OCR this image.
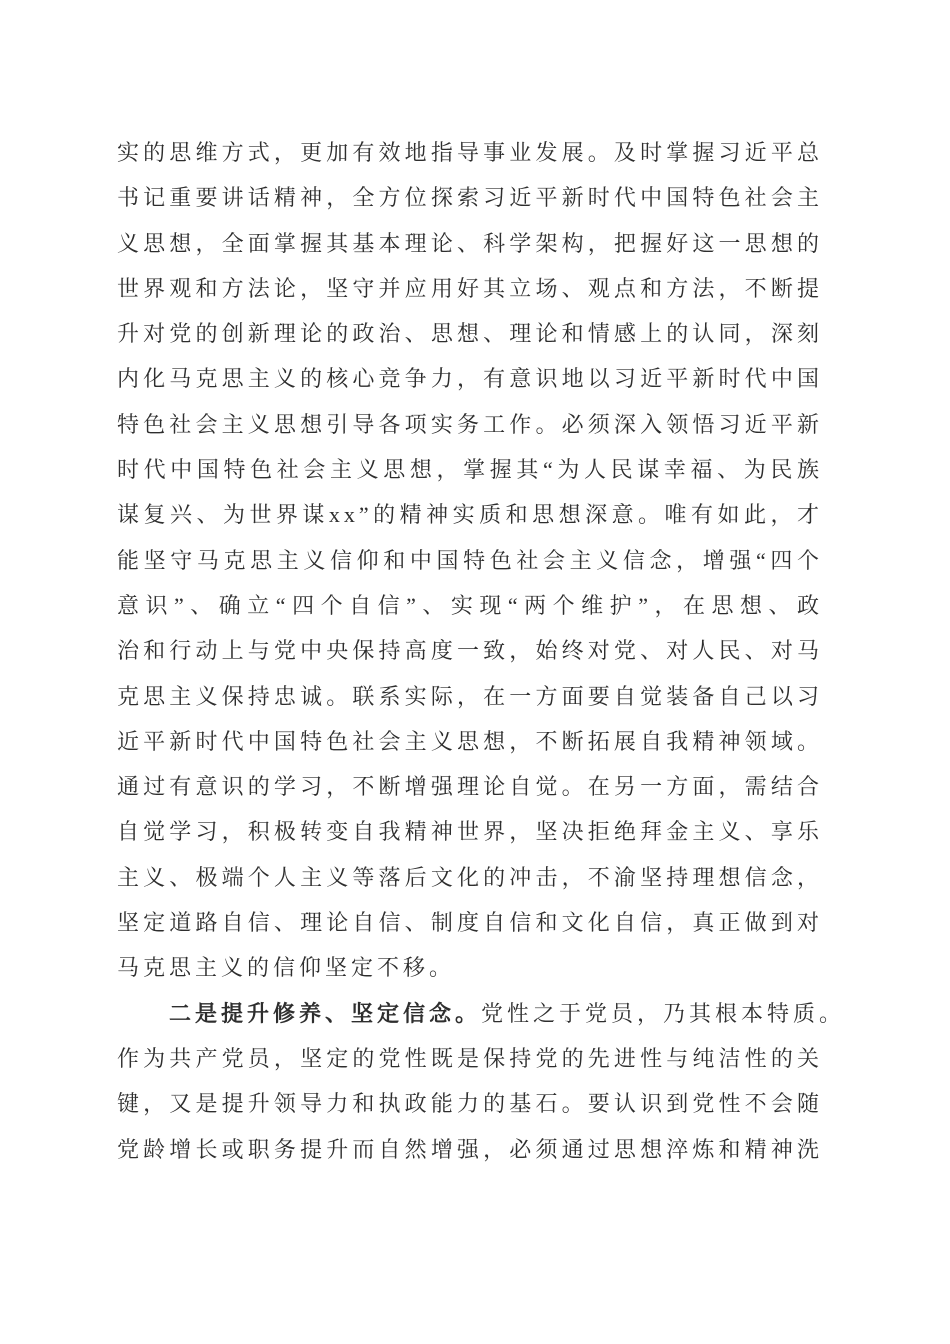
实的思维方式，更加有效地指导事业发展。及时掌握习近平总
书记重要讲话精神，全方位探索习近平新时代中国特色社会主
义思想，全面掌握其基本理论、科学架构，把握好这一思想的
世界观和方法论，坚守并应用好其立场、观点和方法，不断提
升对党的创新理论的政治、思想、理论和情感上的认同，深刻
内化马克思主义的核心竞争力，有意识地以习近平新时代中国
特色社会主义思想引导各项实务工作。必须深入领悟习近平新
时代中国特色社会主义思想，掌握其“为人民谋幸福、为民族
谋复兴、为世界谋xx”的精神实质和思想深意。唯有如此，才
能坚守马克思主义信仰和中国特色社会主义信念，增强“四个
意识”、确立“四个自信”、实现“两个维护”，在思想、政
治和行动上与党中央保持高度一致，始终对党、对人民、对马
克思主义保持忠诚。联系实际，在一方面要自觉装备自己以习
近平新时代中国特色社会主义思想，不断拓展自我精神领域。
通过有意识的学习，不断增强理论自觉。在另一方面，需结合
自觉学习，积极转变自我精神世界，坚决拒绝拜金主义、享乐
主义、极端个人主义等落后文化的冲击，不渝坚持理想信念，
坚定道路自信、理论自信、制度自信和文化自信，真正做到对
马克思主义的信仰坚定不移。
二是提升修养、坚定信念。党性之于党员，乃其根本特质。
作为共产党员，坚定的党性既是保持党的先进性与纯洁性的关
键，又是提升领导力和执政能力的基石。要认识到党性不会随
党龄增长或职务提升而自然增强，必须通过思想淬炼和精神洗
